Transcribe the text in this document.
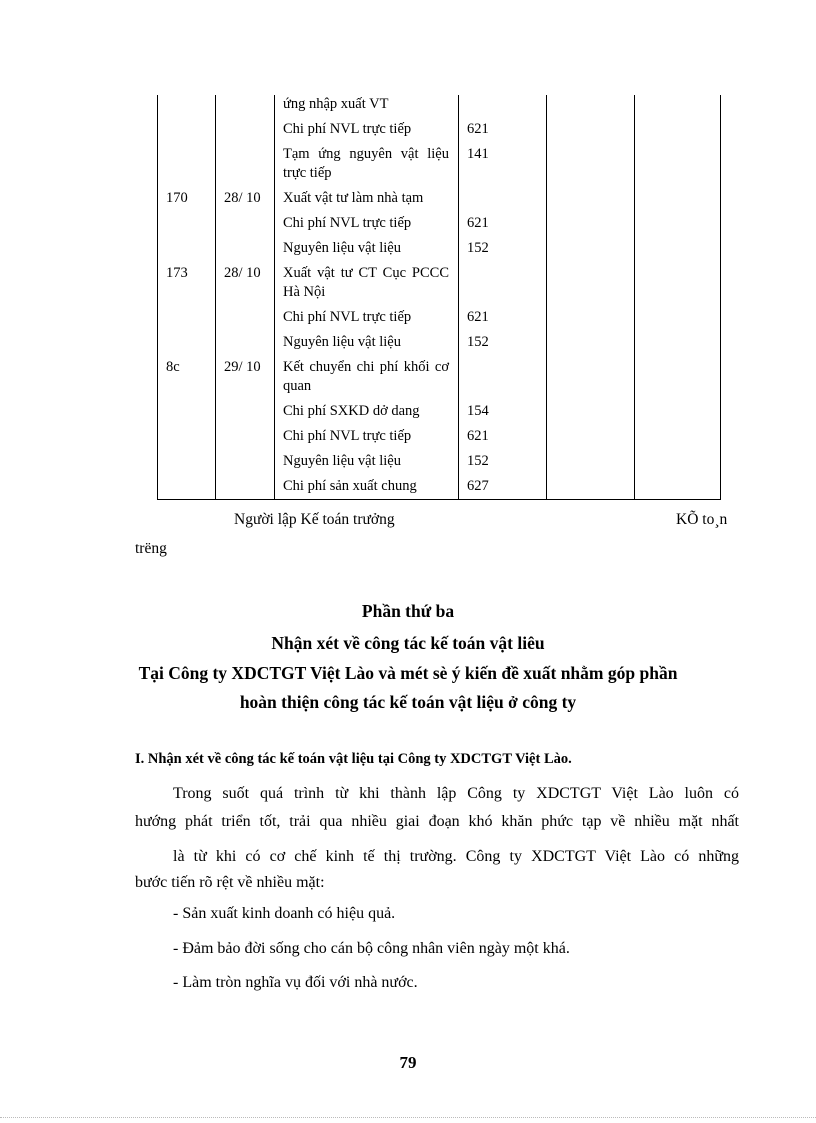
		ứng nhập xuất VT			
		Chi phí NVL trực tiếp	621		
		Tạm ứng nguyên vật liệu trực tiếp	141		
170	28/ 10	Xuất vật tư làm nhà tạm			
		Chi phí NVL trực tiếp	621		
		Nguyên liệu vật liệu	152		
173	28/ 10	Xuất vật tư CT Cục PCCC Hà Nội			
		Chi phí NVL trực tiếp	621		
		Nguyên liệu vật liệu	152		
8c	29/ 10	Kết chuyển chi phí khối cơ quan			
		Chi phí SXKD dở dang	154		
		Chi phí NVL trực tiếp	621		
		Nguyên liệu vật liệu	152		
		Chi phí sản xuất chung	627		
Người lập Kế toán trưởng	KÕ to¸n
trëng
Phần thứ ba
Nhận xét về công tác kế toán vật liêu
Tại Công ty XDCTGT Việt Lào và mét sè ý kiến đề xuất nhằm góp phần
hoàn thiện công tác kế toán vật liệu ở công ty
I. Nhận xét về công tác kế toán vật liệu tại Công ty XDCTGT Việt Lào.
Trong suốt quá trình từ khi thành lập Công ty XDCTGT Việt Lào luôn có
hướng phát triển tốt, trải qua nhiều giai đoạn khó khăn phức tạp về nhiều mặt nhất
là từ khi có cơ chế kinh tế thị trường. Công ty XDCTGT Việt Lào có những
bước tiến rõ rệt về nhiều mặt:
- Sản xuất kinh doanh có hiệu quả.
- Đảm bảo đời sống cho cán bộ công nhân viên ngày một khá.
- Làm tròn nghĩa vụ đối với nhà nước.
79
